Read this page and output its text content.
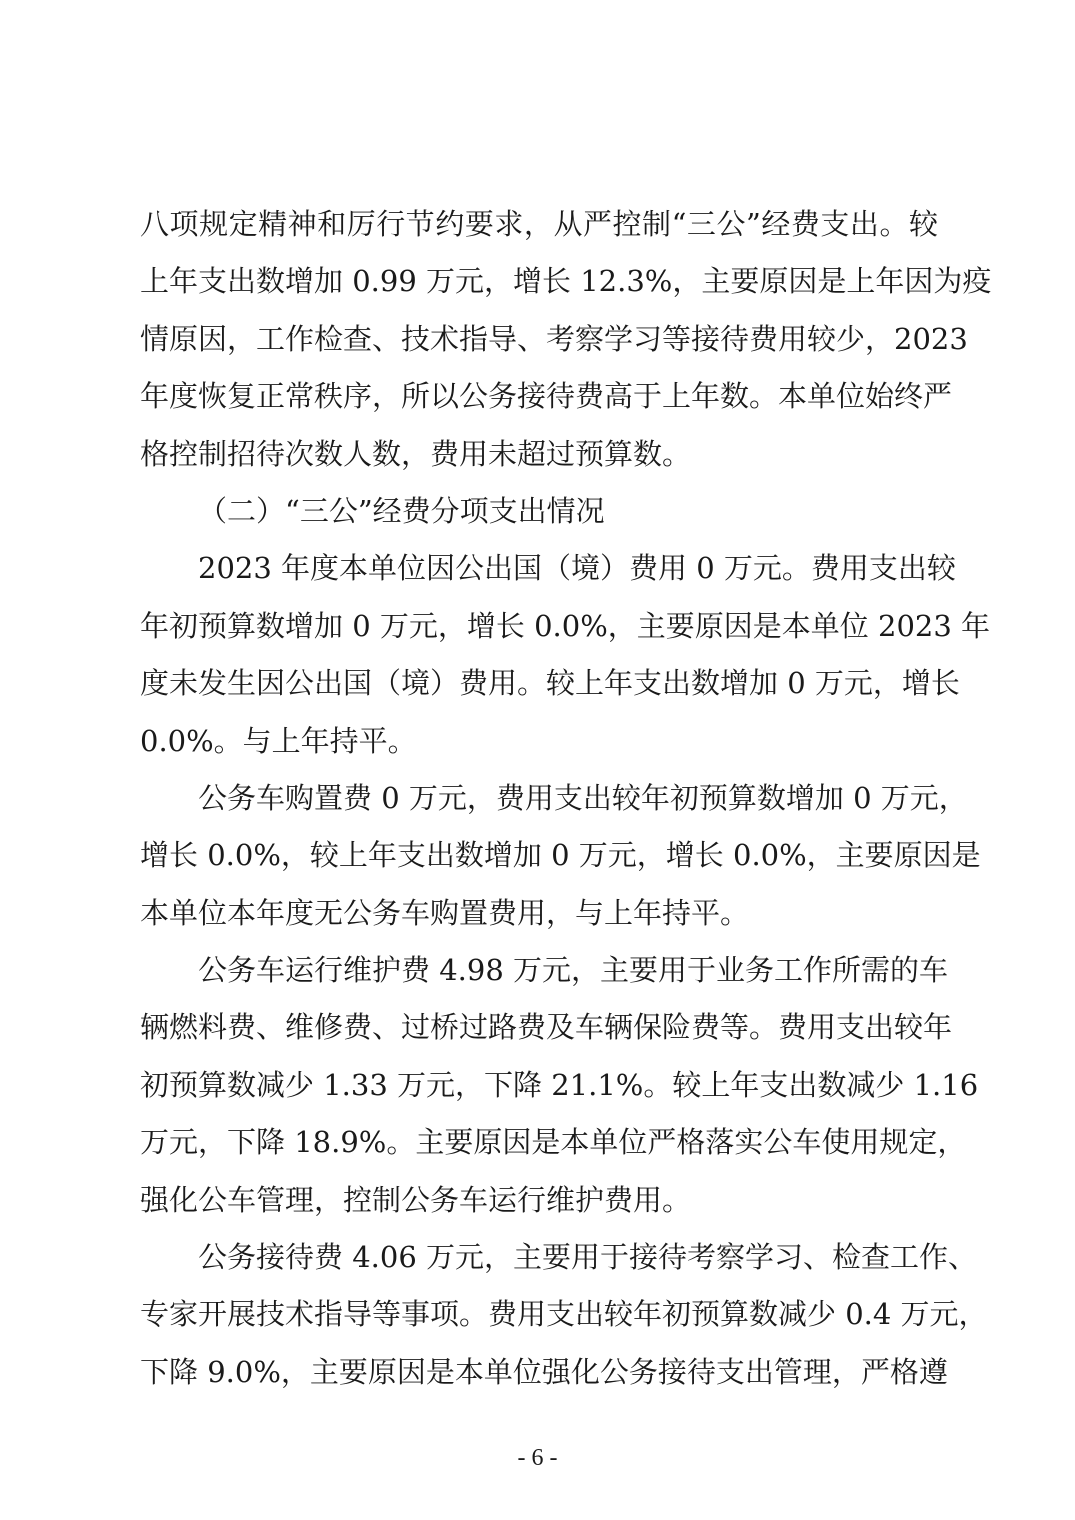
八项规定精神和厉行节约要求，从严控制“三公”经费支出。较
上年支出数增加 0.99 万元，增长 12.3%，主要原因是上年因为疫
情原因，工作检查、技术指导、考察学习等接待费用较少，2023
年度恢复正常秩序，所以公务接待费高于上年数。本单位始终严
格控制招待次数人数，费用未超过预算数。
（二）“三公”经费分项支出情况
2023 年度本单位因公出国（境）费用 0 万元。费用支出较
年初预算数增加 0 万元，增长 0.0%，主要原因是本单位 2023 年
度未发生因公出国（境）费用。较上年支出数增加 0 万元，增长
0.0%。与上年持平。
公务车购置费 0 万元，费用支出较年初预算数增加 0 万元，
增长 0.0%，较上年支出数增加 0 万元，增长 0.0%，主要原因是
本单位本年度无公务车购置费用，与上年持平。
公务车运行维护费 4.98 万元，主要用于业务工作所需的车
辆燃料费、维修费、过桥过路费及车辆保险费等。费用支出较年
初预算数减少 1.33 万元，下降 21.1%。较上年支出数减少 1.16
万元，下降 18.9%。主要原因是本单位严格落实公车使用规定，
强化公车管理，控制公务车运行维护费用。
公务接待费 4.06 万元，主要用于接待考察学习、检查工作、
专家开展技术指导等事项。费用支出较年初预算数减少 0.4 万元，
下降 9.0%，主要原因是本单位强化公务接待支出管理，严格遵
- 6 -
